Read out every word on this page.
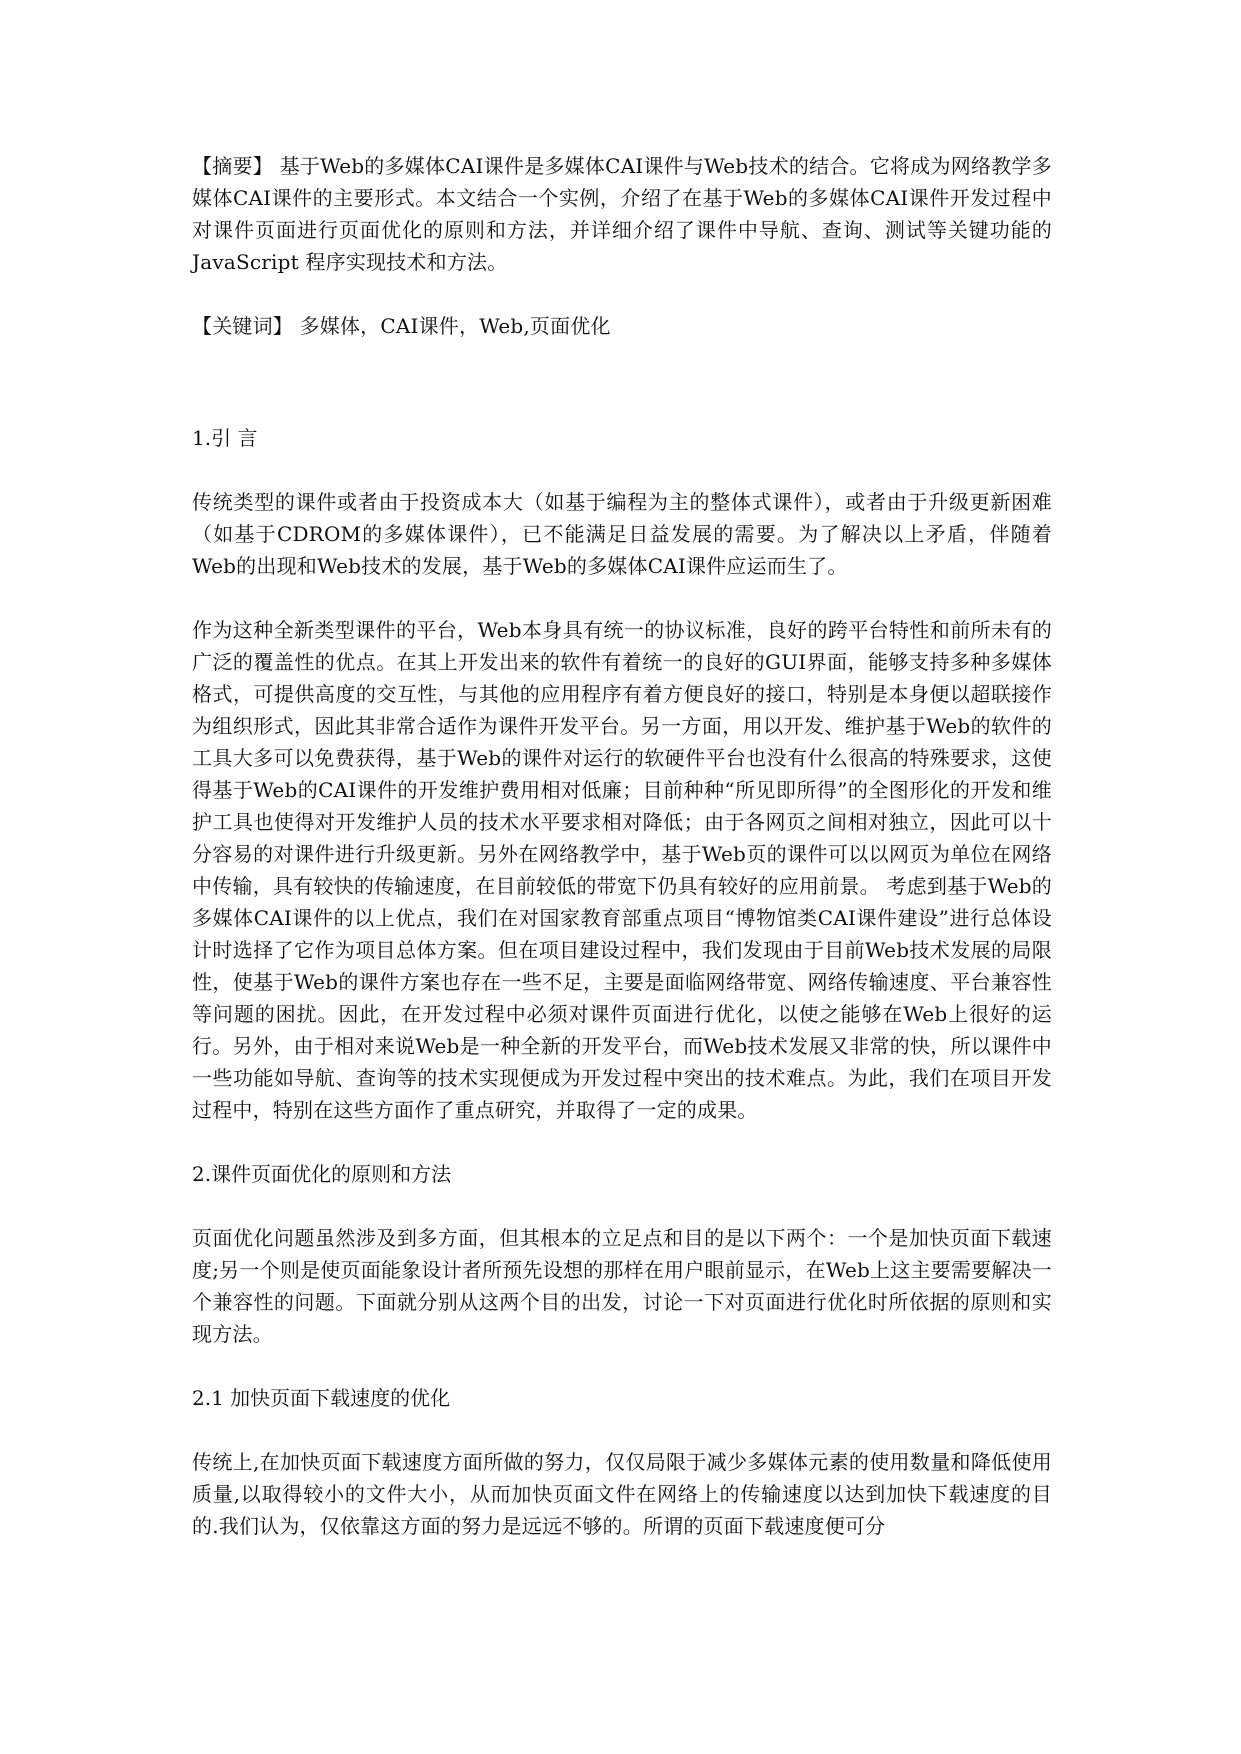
【摘要】 基于Web的多媒体CAI课件是多媒体CAI课件与Web技术的结合。它将成为网络教学多媒体CAI课件的主要形式。本文结合一个实例，介绍了在基于Web的多媒体CAI课件开发过程中对课件页面进行页面优化的原则和方法，并详细介绍了课件中导航、查询、测试等关键功能的JavaScript 程序实现技术和方法。

【关键词】 多媒体，CAI课件，Web,页面优化

1.引 言

传统类型的课件或者由于投资成本大（如基于编程为主的整体式课件），或者由于升级更新困难（如基于CDROM的多媒体课件），已不能满足日益发展的需要。为了解决以上矛盾，伴随着Web的出现和Web技术的发展，基于Web的多媒体CAI课件应运而生了。

作为这种全新类型课件的平台，Web本身具有统一的协议标准，良好的跨平台特性和前所未有的广泛的覆盖性的优点。在其上开发出来的软件有着统一的良好的GUI界面，能够支持多种多媒体格式，可提供高度的交互性，与其他的应用程序有着方便良好的接口，特别是本身便以超联接作为组织形式，因此其非常合适作为课件开发平台。另一方面，用以开发、维护基于Web的软件的工具大多可以免费获得，基于Web的课件对运行的软硬件平台也没有什么很高的特殊要求，这使得基于Web的CAI课件的开发维护费用相对低廉；目前种种“所见即所得”的全图形化的开发和维护工具也使得对开发维护人员的技术水平要求相对降低；由于各网页之间相对独立，因此可以十分容易的对课件进行升级更新。另外在网络教学中，基于Web页的课件可以以网页为单位在网络中传输，具有较快的传输速度，在目前较低的带宽下仍具有较好的应用前景。 考虑到基于Web的多媒体CAI课件的以上优点，我们在对国家教育部重点项目“博物馆类CAI课件建设”进行总体设计时选择了它作为项目总体方案。但在项目建设过程中，我们发现由于目前Web技术发展的局限性，使基于Web的课件方案也存在一些不足，主要是面临网络带宽、网络传输速度、平台兼容性等问题的困扰。因此，在开发过程中必须对课件页面进行优化，以使之能够在Web上很好的运行。另外，由于相对来说Web是一种全新的开发平台，而Web技术发展又非常的快，所以课件中一些功能如导航、查询等的技术实现便成为开发过程中突出的技术难点。为此，我们在项目开发过程中，特别在这些方面作了重点研究，并取得了一定的成果。

2.课件页面优化的原则和方法

页面优化问题虽然涉及到多方面，但其根本的立足点和目的是以下两个：一个是加快页面下载速度;另一个则是使页面能象设计者所预先设想的那样在用户眼前显示，在Web上这主要需要解决一个兼容性的问题。下面就分别从这两个目的出发，讨论一下对页面进行优化时所依据的原则和实现方法。

2.1 加快页面下载速度的优化

传统上,在加快页面下载速度方面所做的努力，仅仅局限于减少多媒体元素的使用数量和降低使用质量,以取得较小的文件大小，从而加快页面文件在网络上的传输速度以达到加快下载速度的目的.我们认为，仅依靠这方面的努力是远远不够的。所谓的页面下载速度便可分
